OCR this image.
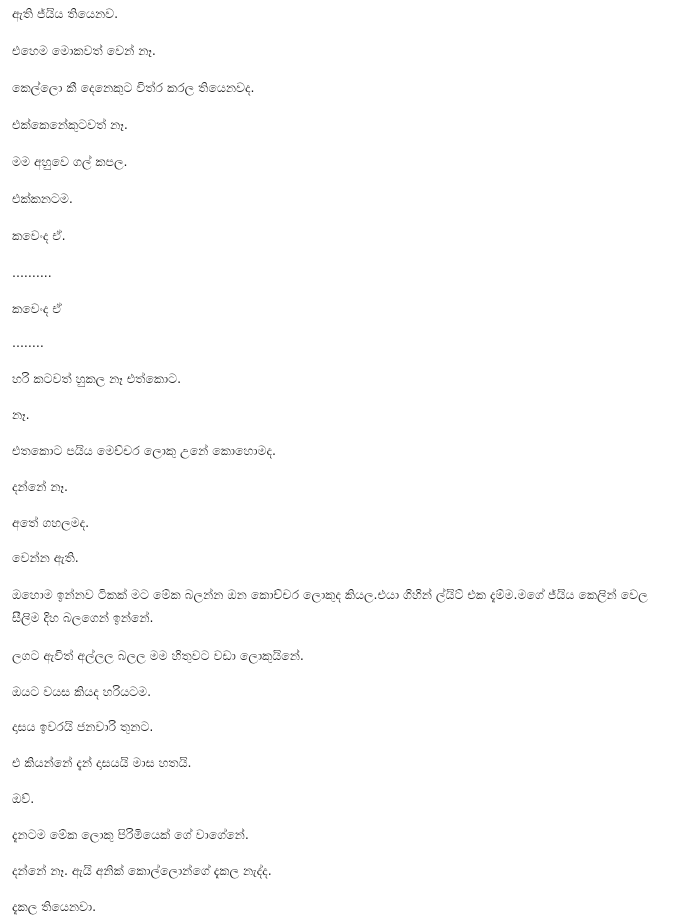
ඇති ජ්යිය තියෙනව.
එහෙම මොකවත් වෙන් නෑ.
කෙල්ලො කී දෙනෙකුට විත්ර කරල තියෙනවද.
එක්කෙනේකුටවත් නෑ.
මම අහුවෙ ගල් කපල.
එක්කනටම.
කවෙංද ඒ.
..........
කවෙංද ඒ
........
හරි කටවත් හුකල නෑ එත්කොට.
නෑ.
එතකොට පයිය මෙච්චර ලොකු උනේ කොහොමද.
දන්නේ නෑ.
අතේ ගහලමද.
වෙන්න ඇති.
ඔහොම ඉන්නව ටිකක් මට මේක බලන්න ඔන කොච්චර ලොකුද කියල.එයා ගිහින් ල්යිට් එක දැම්ම.මගේ ජ්යිය කෙලින් වෙල සීලිම දිහ බලගෙන් ඉන්නේ.
ලගට ඇවිත් අල්ලල බලල මම හිතුවට වඩා ලොකුයිනේ.
ඔයට වයස කියද හරියටම.
දාසය ඉවරයි ජනවාරි තුනට.
එ කියන්නේ දැන් දාසයයි මාස හතයි.
ඔව්.
දැනටම මේක ලොකු පිරිමියෙක් ගේ වාගේනේ.
දන්නේ නෑ. ඇයි අනික් කොල්ලොන්ගේ දැකල නැද්ද.
දැකල තියෙනවා.
